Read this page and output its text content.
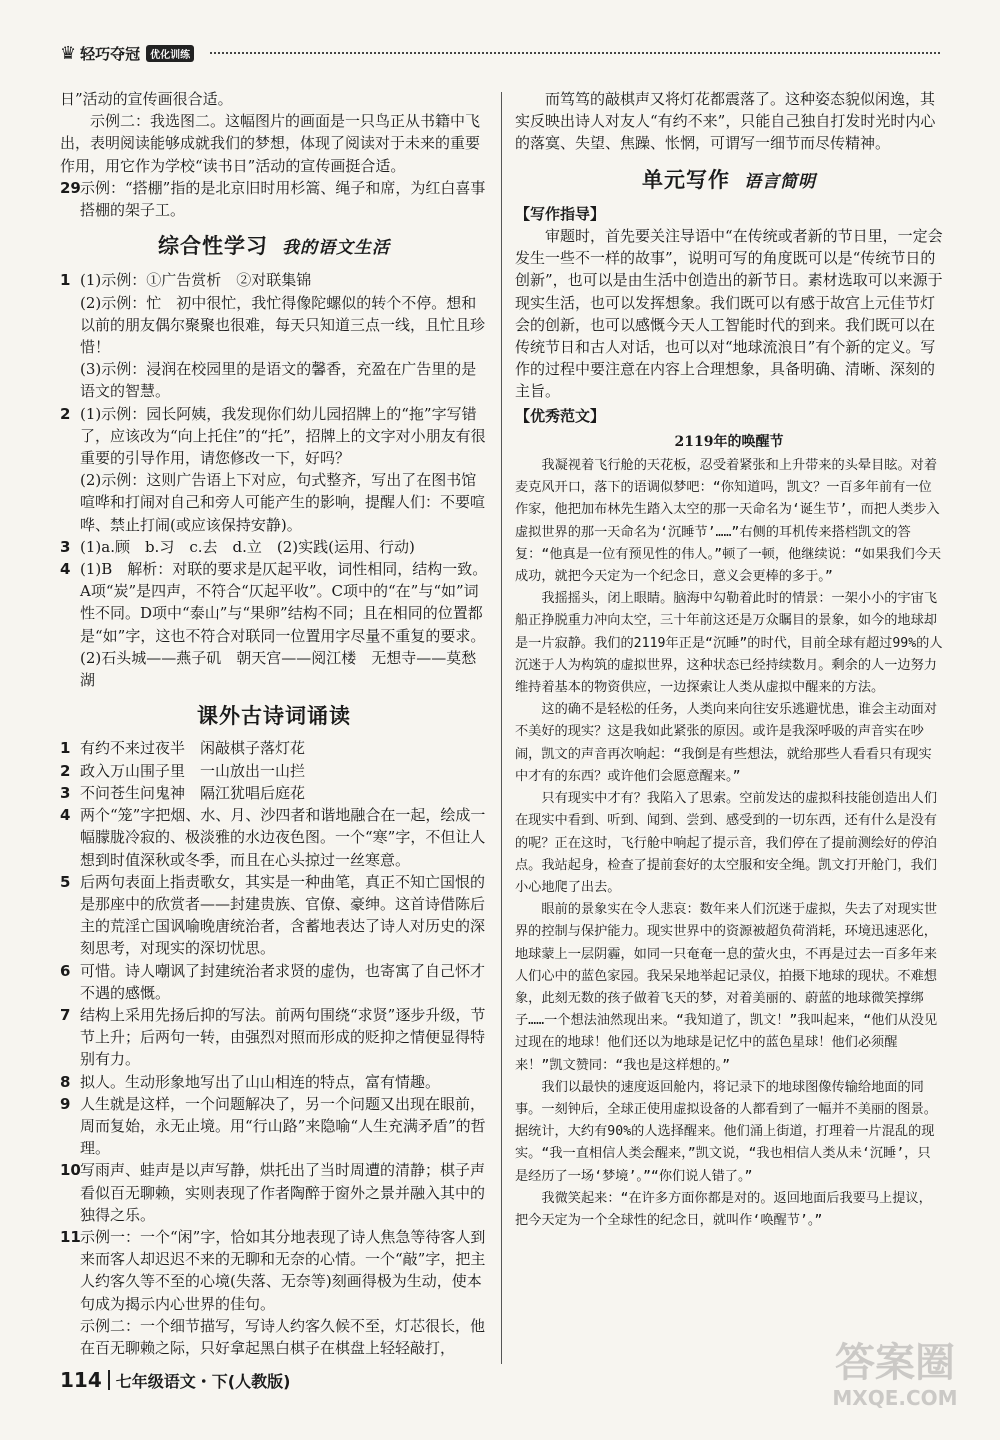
♛ 轻巧夺冠	优化训练

日”活动的宣传画很合适。

示例二：我选图二。这幅图片的画面是一只鸟正从书籍中飞出，表明阅读能够成就我们的梦想，体现了阅读对于未来的重要作用，用它作为学校“读书日”活动的宣传画挺合适。

29 示例：“搭棚”指的是北京旧时用杉篙、绳子和席，为红白喜事搭棚的架子工。

综合性学习 我的语文生活
1 (1)示例：①广告赏析　②对联集锦

(2)示例：忙　初中很忙，我忙得像陀螺似的转个不停。想和以前的朋友偶尔聚聚也很难，每天只知道三点一线，且忙且珍惜！

(3)示例：浸润在校园里的是语文的馨香，充盈在广告里的是语文的智慧。

2 (1)示例：园长阿姨，我发现你们幼儿园招牌上的“拖”字写错了，应该改为“向上托住”的“托”，招牌上的文字对小朋友有很重要的引导作用，请您修改一下，好吗？

(2)示例：这则广告语上下对应，句式整齐，写出了在图书馆喧哗和打闹对自己和旁人可能产生的影响，提醒人们：不要喧哗、禁止打闹(或应该保持安静)。

3 (1)a.顾　b.习　c.去　d.立　(2)实践(运用、行动)

4 (1)B　解析：对联的要求是仄起平收，词性相同，结构一致。A项“炭”是四声，不符合“仄起平收”。C项中的“在”与“如”词性不同。D项中“泰山”与“果卵”结构不同；且在相同的位置都是“如”字，这也不符合对联同一位置用字尽量不重复的要求。

(2)石头城——燕子矶　朝天宫——阅江楼　无想寺——莫愁湖

课外古诗词诵读
1 有约不来过夜半　闲敲棋子落灯花

2 政入万山围子里　一山放出一山拦

3 不问苍生问鬼神　隔江犹唱后庭花

4 两个“笼”字把烟、水、月、沙四者和谐地融合在一起，绘成一幅朦胧冷寂的、极淡雅的水边夜色图。一个“寒”字，不但让人想到时值深秋或冬季，而且在心头掠过一丝寒意。

5 后两句表面上指责歌女，其实是一种曲笔，真正不知亡国恨的是那座中的欣赏者——封建贵族、官僚、豪绅。这首诗借陈后主的荒淫亡国讽喻晚唐统治者，含蓄地表达了诗人对历史的深刻思考，对现实的深切忧思。

6 可惜。诗人嘲讽了封建统治者求贤的虚伪，也寄寓了自己怀才不遇的感慨。

7 结构上采用先扬后抑的写法。前两句围绕“求贤”逐步升级，节节上升；后两句一转，由强烈对照而形成的贬抑之情便显得特别有力。

8 拟人。生动形象地写出了山山相连的特点，富有情趣。

9 人生就是这样，一个问题解决了，另一个问题又出现在眼前，周而复始，永无止境。用“行山路”来隐喻“人生充满矛盾”的哲理。

10 写雨声、蛙声是以声写静，烘托出了当时周遭的清静；棋子声看似百无聊赖，实则表现了作者陶醉于窗外之景并融入其中的独得之乐。

11 示例一：一个“闲”字，恰如其分地表现了诗人焦急等待客人到来而客人却迟迟不来的无聊和无奈的心情。一个“敲”字，把主人约客久等不至的心境(失落、无奈等)刻画得极为生动，使本句成为揭示内心世界的佳句。

示例二：一个细节描写，写诗人约客久候不至，灯芯很长，他在百无聊赖之际，只好拿起黑白棋子在棋盘上轻轻敲打，

而笃笃的敲棋声又将灯花都震落了。这种姿态貌似闲逸，其实反映出诗人对友人“有约不来”，只能自己独自打发时光时内心的落寞、失望、焦躁、怅惘，可谓写一细节而尽传精神。

单元写作 语言简明

【写作指导】

审题时，首先要关注导语中“在传统或者新的节日里，一定会发生一些不一样的故事”，说明可写的角度既可以是“传统节日的创新”，也可以是由生活中创造出的新节日。素材选取可以来源于现实生活，也可以发挥想象。我们既可以有感于故宫上元佳节灯会的创新，也可以感慨今天人工智能时代的到来。我们既可以在传统节日和古人对话，也可以对“地球流浪日”有个新的定义。写作的过程中要注意在内容上合理想象，具备明确、清晰、深刻的主旨。

【优秀范文】

2119年的唤醒节

我凝视着飞行舱的天花板，忍受着紧张和上升带来的头晕目眩。对着麦克风开口，落下的语调似梦吧：“你知道吗，凯文？一百多年前有一位作家，他把加布林先生踏入太空的那一天命名为‘诞生节’，而把人类步入虚拟世界的那一天命名为‘沉睡节’……”右侧的耳机传来搭档凯文的答复：“他真是一位有预见性的伟人。”顿了一顿，他继续说：“如果我们今天成功，就把今天定为一个纪念日，意义会更棒的多于。”

我摇摇头，闭上眼睛。脑海中勾勒着此时的情景：一架小小的宇宙飞船正挣脱重力冲向太空，三十年前这还是万众瞩目的景象，如今的地球却是一片寂静。我们的2119年正是“沉睡”的时代，目前全球有超过99%的人沉迷于人为构筑的虚拟世界，这种状态已经持续数月。剩余的人一边努力维持着基本的物资供应，一边探索让人类从虚拟中醒来的方法。

这的确不是轻松的任务，人类向来向往安乐逃避忧患，谁会主动面对不美好的现实？这是我如此紧张的原因。或许是我深呼吸的声音实在吵闹，凯文的声音再次响起：“我倒是有些想法，就给那些人看看只有现实中才有的东西？或许他们会愿意醒来。”

只有现实中才有？我陷入了思索。空前发达的虚拟科技能创造出人们在现实中看到、听到、闻到、尝到、感受到的一切东西，还有什么是没有的呢？正在这时，飞行舱中响起了提示音，我们停在了提前测绘好的停泊点。我站起身，检查了提前套好的太空服和安全绳。凯文打开舱门，我们小心地爬了出去。

眼前的景象实在令人悲哀：数年来人们沉迷于虚拟，失去了对现实世界的控制与保护能力。现实世界中的资源被超负荷消耗，环境迅速恶化，地球蒙上一层阴霾，如同一只奄奄一息的萤火虫，不再是过去一百多年来人们心中的蓝色家园。我呆呆地举起记录仪，拍摄下地球的现状。不难想象，此刻无数的孩子做着飞天的梦，对着美丽的、蔚蓝的地球微笑撑绑子……一个想法油然现出来。“我知道了，凯文！”我叫起来，“他们从没见过现在的地球！他们还以为地球是记忆中的蓝色星球！他们必须醒来！”凯文赞同：“我也是这样想的。”

我们以最快的速度返回舱内，将记录下的地球图像传输给地面的同事。一刻钟后，全球正使用虚拟设备的人都看到了一幅并不美丽的图景。据统计，大约有90%的人选择醒来。他们涌上街道，打理着一片混乱的现实。“我一直相信人类会醒来，”凯文说，“我也相信人类从未‘沉睡’，只是经历了一场‘梦境’。”“你们说人错了。”

我微笑起来：“在许多方面你都是对的。返回地面后我要马上提议，把今天定为一个全球性的纪念日，就叫作‘唤醒节’。”

114 七年级语文・下(人教版)	答案圈
MXQE.COM
